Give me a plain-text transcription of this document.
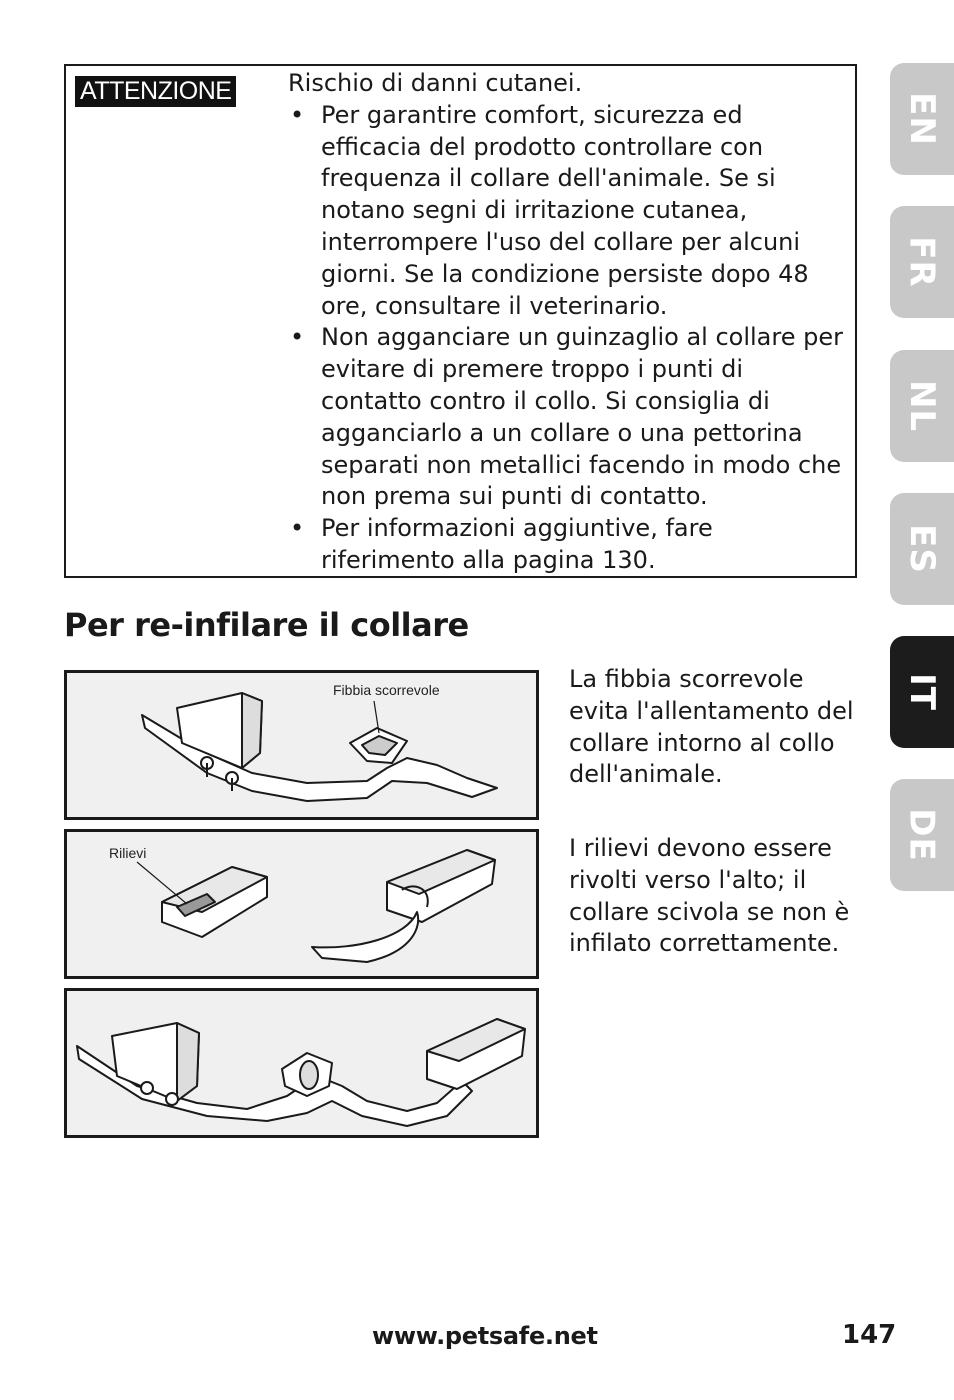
ATTENZIONE Rischio di danni cutanei.

• Per garantire comfort, sicurezza ed efficacia del prodotto controllare con frequenza il collare dell'animale. Se si notano segni di irritazione cutanea, interrompere l'uso del collare per alcuni giorni. Se la condizione persiste dopo 48 ore, consultare il veterinario.
• Non agganciare un guinzaglio al collare per evitare di premere troppo i punti di contatto contro il collo. Si consiglia di agganciarlo a un collare o una pettorina separati non metallici facendo in modo che non prema sui punti di contatto.
• Per informazioni aggiuntive, fare riferimento alla pagina 130.
Per re-infilare il collare
Fibbia scorrevole
Rilievi

La fibbia scorrevole evita l'allentamento del collare intorno al collo dell'animale.

I rilievi devono essere rivolti verso l'alto; il collare scivola se non è infilato correttamente.

EN
FR
NL
ES
IT
DE
www.petsafe.net	147
